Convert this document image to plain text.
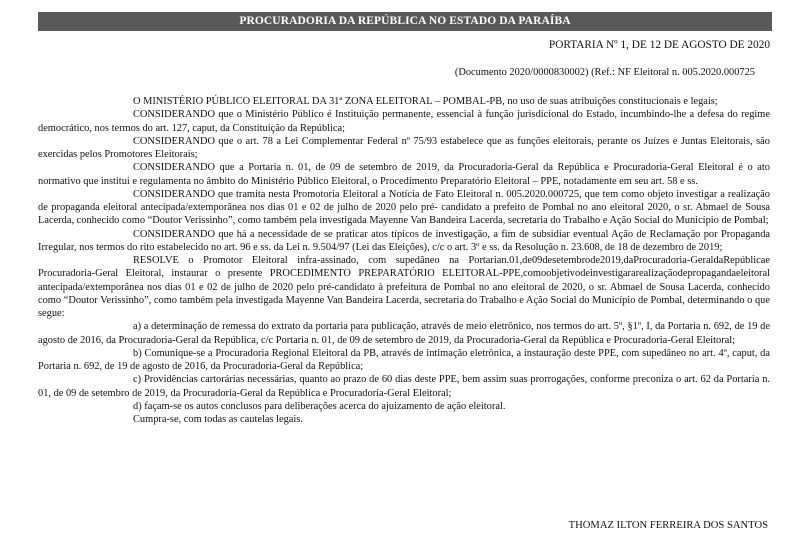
PROCURADORIA DA REPÚBLICA NO ESTADO DA PARAÍBA
PORTARIA Nº 1, DE 12 DE AGOSTO DE 2020
(Documento 2020/0000830002) (Ref.: NF Eleitoral n. 005.2020.000725
O MINISTÉRIO PÚBLICO ELEITORAL DA 31ª ZONA ELEITORAL – POMBAL-PB, no uso de suas atribuições constitucionais e legais;
CONSIDERANDO que o Ministério Público é Instituição permanente, essencial à função jurisdicional do Estado, incumbindo-lhe a defesa do regime democrático, nos termos do art. 127, caput, da Constituição da República;
CONSIDERANDO que o art. 78 a Lei Complementar Federal nº 75/93 estabelece que as funções eleitorais, perante os Juízes e Juntas Eleitorais, são exercidas pelos Promotores Eleitorais;
CONSIDERANDO que a Portaria n. 01, de 09 de setembro de 2019, da Procuradoria-Geral da República e Procuradoria-Geral Eleitoral é o ato normativo que institui e regulamenta no âmbito do Ministério Público Eleitoral, o Procedimento Preparatório Eleitoral – PPE, notadamente em seu art. 58 e ss.
CONSIDERANDO que tramita nesta Promotoria Eleitoral a Notícia de Fato Eleitoral n. 005.2020.000725, que tem como objeto investigar a realização de propaganda eleitoral antecipada/extemporânea nos dias 01 e 02 de julho de 2020 pelo pré- candidato a prefeito de Pombal no ano eleitoral 2020, o sr. Abmael de Sousa Lacerda, conhecido como “Doutor Verissinho”, como também pela investigada Mayenne Van Bandeira Lacerda, secretaria do Trabalho e Ação Social do Município de Pombal;
CONSIDERANDO que há a necessidade de se praticar atos típicos de investigação, a fim de subsidiar eventual Ação de Reclamação por Propaganda Irregular, nos termos do rito estabelecido no art. 96 e ss. da Lei n. 9.504/97 (Lei das Eleições), c/c o art. 3º e ss. da Resolução n. 23.608, de 18 de dezembro de 2019;
RESOLVE o Promotor Eleitoral infra-assinado, com supedâneo na Portarian.01,de09desetembrode2019,daProcuradoria-GeraldaRepúblicae Procuradoria-Geral Eleitoral, instaurar o presente PROCEDIMENTO PREPARATÓRIO ELEITORAL-PPE,comoobjetivodeinvestigararealizaçãodepropagandaeleitoral antecipada/extemporânea nos dias 01 e 02 de julho de 2020 pelo pré-candidato à prefeitura de Pombal no ano eleitoral de 2020, o sr. Abmael de Sousa Lacerda, conhecido como “Doutor Verissinho”, como também pela investigada Mayenne Van Bandeira Lacerda, secretaria do Trabalho e Ação Social do Município de Pombal, determinando o que segue:
a) a determinação de remessa do extrato da portaria para publicação, através de meio eletrônico, nos termos do art. 5º, §1º, I, da Portaria n. 692, de 19 de agosto de 2016, da Procuradoria-Geral da República, c/c Portaria n. 01, de 09 de setembro de 2019, da Procuradoria-Geral da República e Procuradoria-Geral Eleitoral;
b) Comunique-se a Procuradoria Regional Eleitoral da PB, através de intimação eletrônica, a instauração deste PPE, com supedâneo no art. 4º, caput, da Portaria n. 692, de 19 de agosto de 2016, da Procuradoria-Geral da República;
c) Providências cartorárias necessárias, quanto ao prazo de 60 dias deste PPE, bem assim suas prorrogações, conforme preconiza o art. 62 da Portaria n. 01, de 09 de setembro de 2019, da Procuradoria-Geral da República e Procuradoria-Geral Eleitoral;
d) façam-se os autos conclusos para deliberações acerca do ajuizamento de ação eleitoral.
Cumpra-se, com todas as cautelas legais.
THOMAZ ILTON FERREIRA DOS SANTOS
